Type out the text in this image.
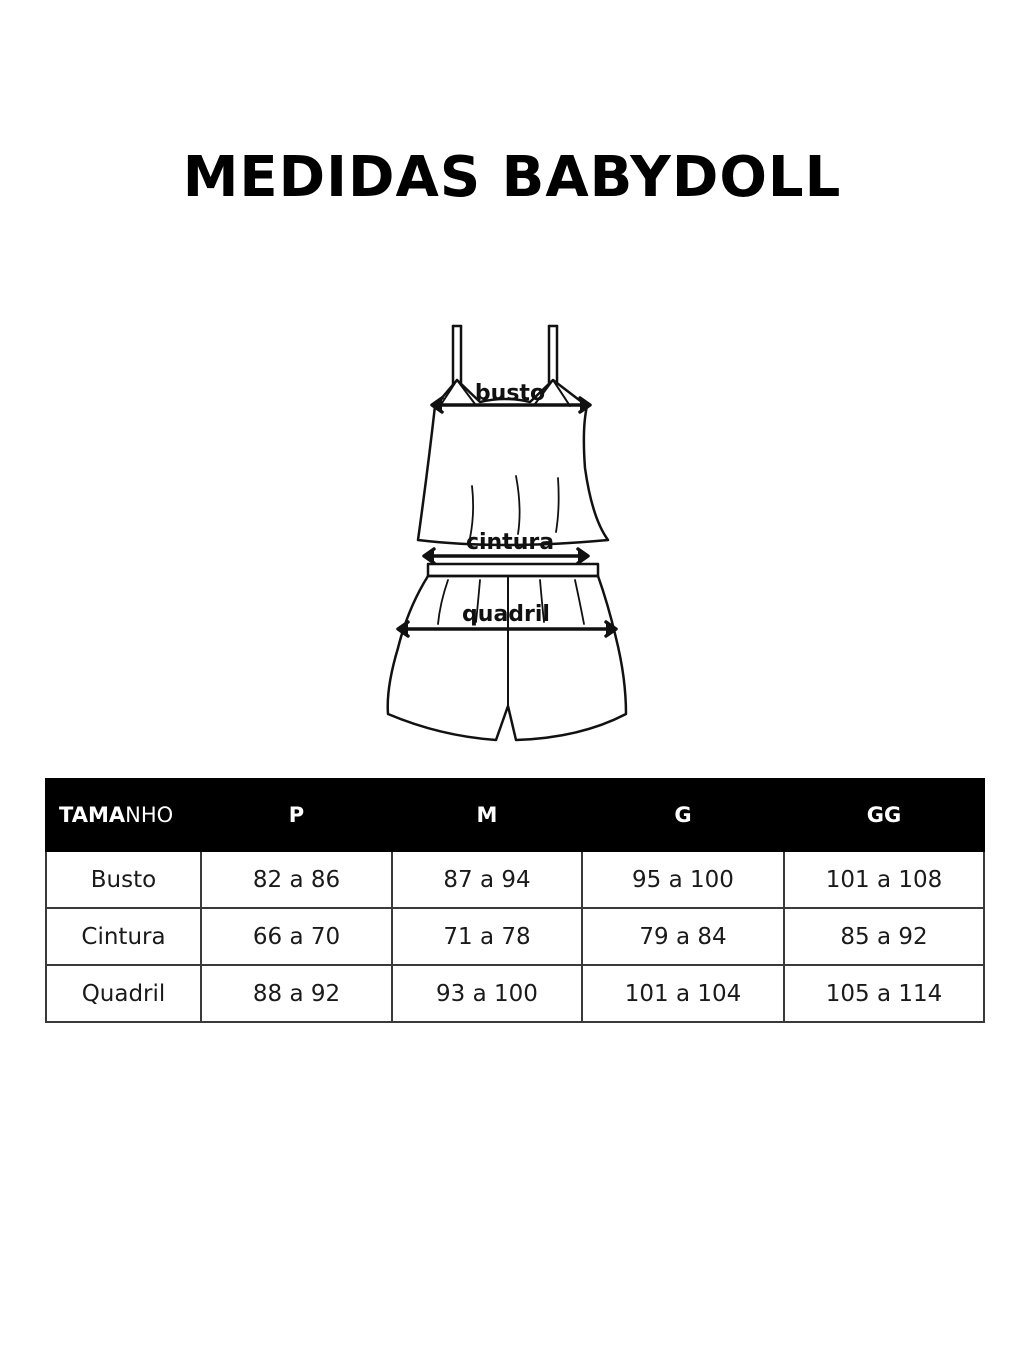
MEDIDAS BABYDOLL
busto
cintura
quadril
TAMANHO	P	M	G	GG
Busto	82 a 86	87 a 94	95 a 100	101 a 108
Cintura	66 a 70	71 a 78	79 a 84	85 a 92
Quadril	88 a 92	93 a 100	101 a 104	105 a 114
